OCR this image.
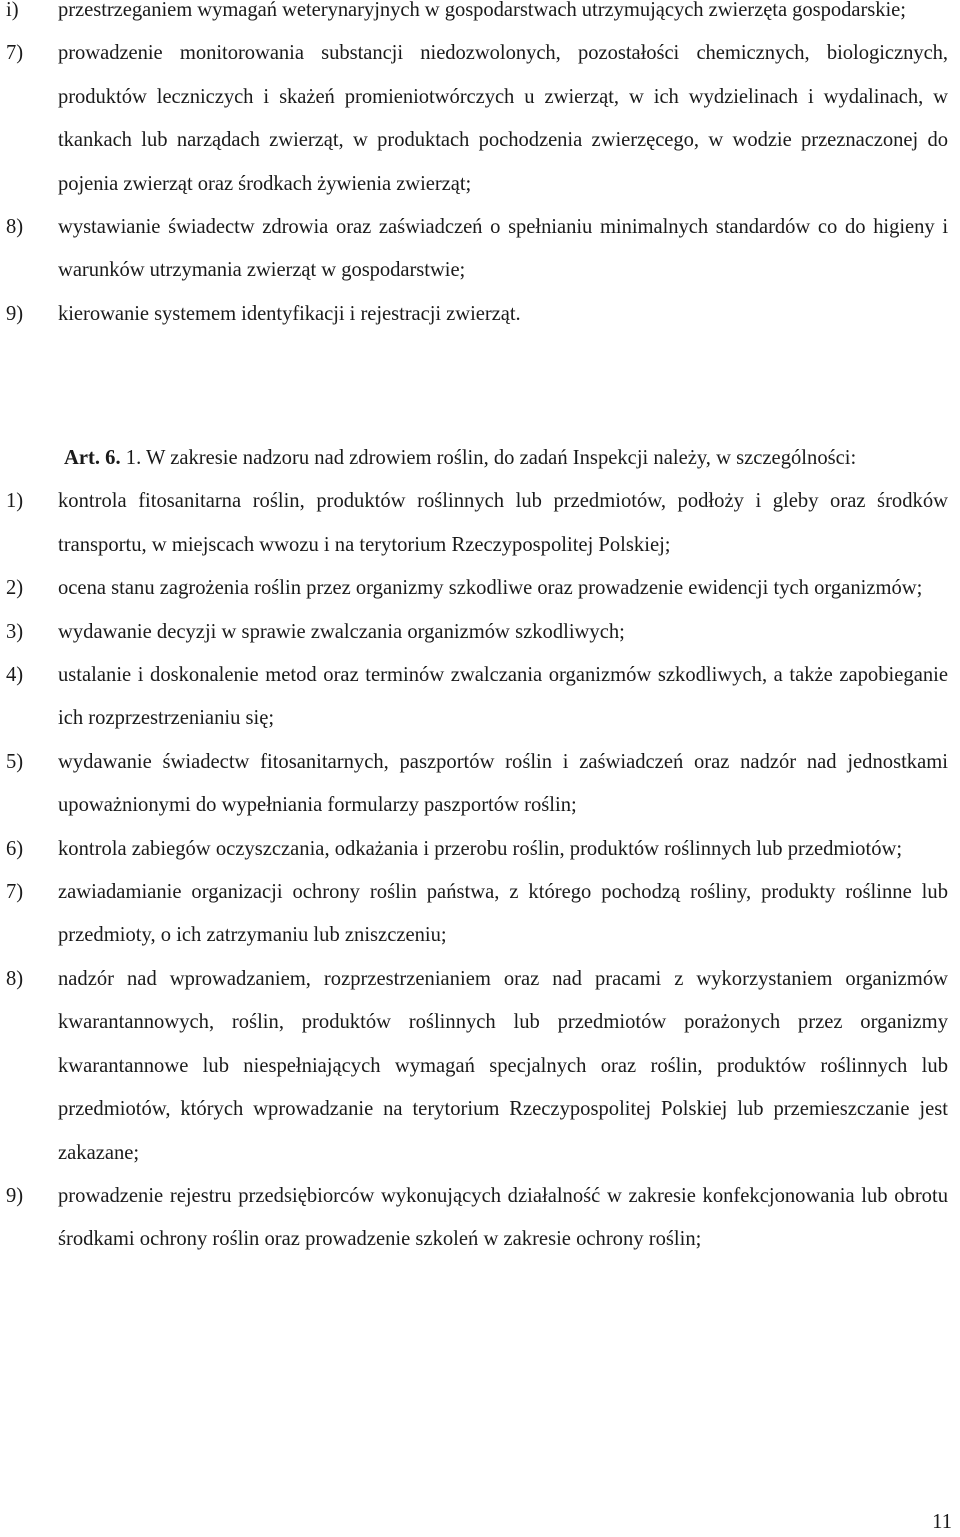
i) przestrzeganiem wymagań weterynaryjnych w gospodarstwach utrzymujących zwierzęta gospodarskie;
7) prowadzenie monitorowania substancji niedozwolonych, pozostałości chemicznych, biologicznych, produktów leczniczych i skażeń promieniotwórczych u zwierząt, w ich wydzielinach i wydalinach, w tkankach lub narządach zwierząt, w produktach pochodzenia zwierzęcego, w wodzie przeznaczonej do pojenia zwierząt oraz środkach żywienia zwierząt;
8) wystawianie świadectw zdrowia oraz zaświadczeń o spełnianiu minimalnych standardów co do higieny i warunków utrzymania zwierząt w gospodarstwie;
9) kierowanie systemem identyfikacji i rejestracji zwierząt.

Art. 6. 1. W zakresie nadzoru nad zdrowiem roślin, do zadań Inspekcji należy, w szczególności:

1) kontrola fitosanitarna roślin, produktów roślinnych lub przedmiotów, podłoży i gleby oraz środków transportu, w miejscach wwozu i na terytorium Rzeczypospolitej Polskiej;
2) ocena stanu zagrożenia roślin przez organizmy szkodliwe oraz prowadzenie ewidencji tych organizmów;
3) wydawanie decyzji w sprawie zwalczania organizmów szkodliwych;
4) ustalanie i doskonalenie metod oraz terminów zwalczania organizmów szkodliwych, a także zapobieganie ich rozprzestrzenianiu się;
5) wydawanie świadectw fitosanitarnych, paszportów roślin i zaświadczeń oraz nadzór nad jednostkami upoważnionymi do wypełniania formularzy paszportów roślin;
6) kontrola zabiegów oczyszczania, odkażania i przerobu roślin, produktów roślinnych lub przedmiotów;
7) zawiadamianie organizacji ochrony roślin państwa, z którego pochodzą rośliny, produkty roślinne lub przedmioty, o ich zatrzymaniu lub zniszczeniu;
8) nadzór nad wprowadzaniem, rozprzestrzenianiem oraz nad pracami z wykorzystaniem organizmów kwarantannowych, roślin, produktów roślinnych lub przedmiotów porażonych przez organizmy kwarantannowe lub niespełniających wymagań specjalnych oraz roślin, produktów roślinnych lub przedmiotów, których wprowadzanie na terytorium Rzeczypospolitej Polskiej lub przemieszczanie jest zakazane;
9) prowadzenie rejestru przedsiębiorców wykonujących działalność w zakresie konfekcjonowania lub obrotu środkami ochrony roślin oraz prowadzenie szkoleń w zakresie ochrony roślin;
11
